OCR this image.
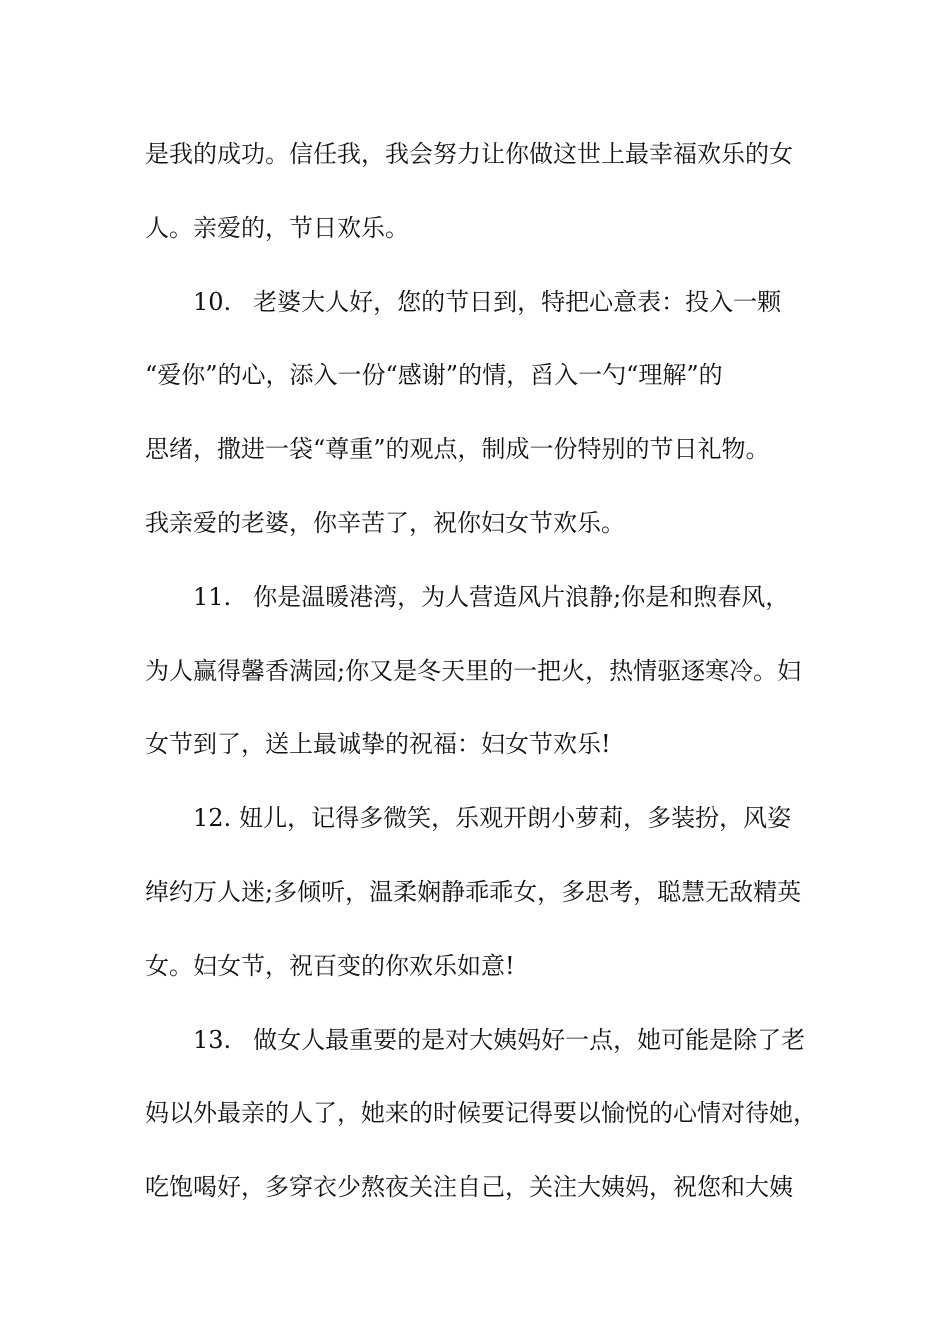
是我的成功。信任我，我会努力让你做这世上最幸福欢乐的女
人。亲爱的，节日欢乐。
10. 老婆大人好，您的节日到，特把心意表：投入一颗
“爱你”的心，添入一份“感谢”的情，舀入一勺“理解”的
思绪，撒进一袋“尊重”的观点，制成一份特别的节日礼物。
我亲爱的老婆，你辛苦了，祝你妇女节欢乐。
11. 你是温暖港湾，为人营造风片浪静;你是和煦春风，
为人赢得馨香满园;你又是冬天里的一把火，热情驱逐寒冷。妇
女节到了，送上最诚挚的祝福：妇女节欢乐!
12. 妞儿，记得多微笑，乐观开朗小萝莉，多装扮，风姿
绰约万人迷;多倾听，温柔娴静乖乖女，多思考，聪慧无敌精英
女。妇女节，祝百变的你欢乐如意!
13. 做女人最重要的是对大姨妈好一点，她可能是除了老
妈以外最亲的人了，她来的时候要记得要以愉悦的心情对待她，
吃饱喝好，多穿衣少熬夜关注自己，关注大姨妈，祝您和大姨
